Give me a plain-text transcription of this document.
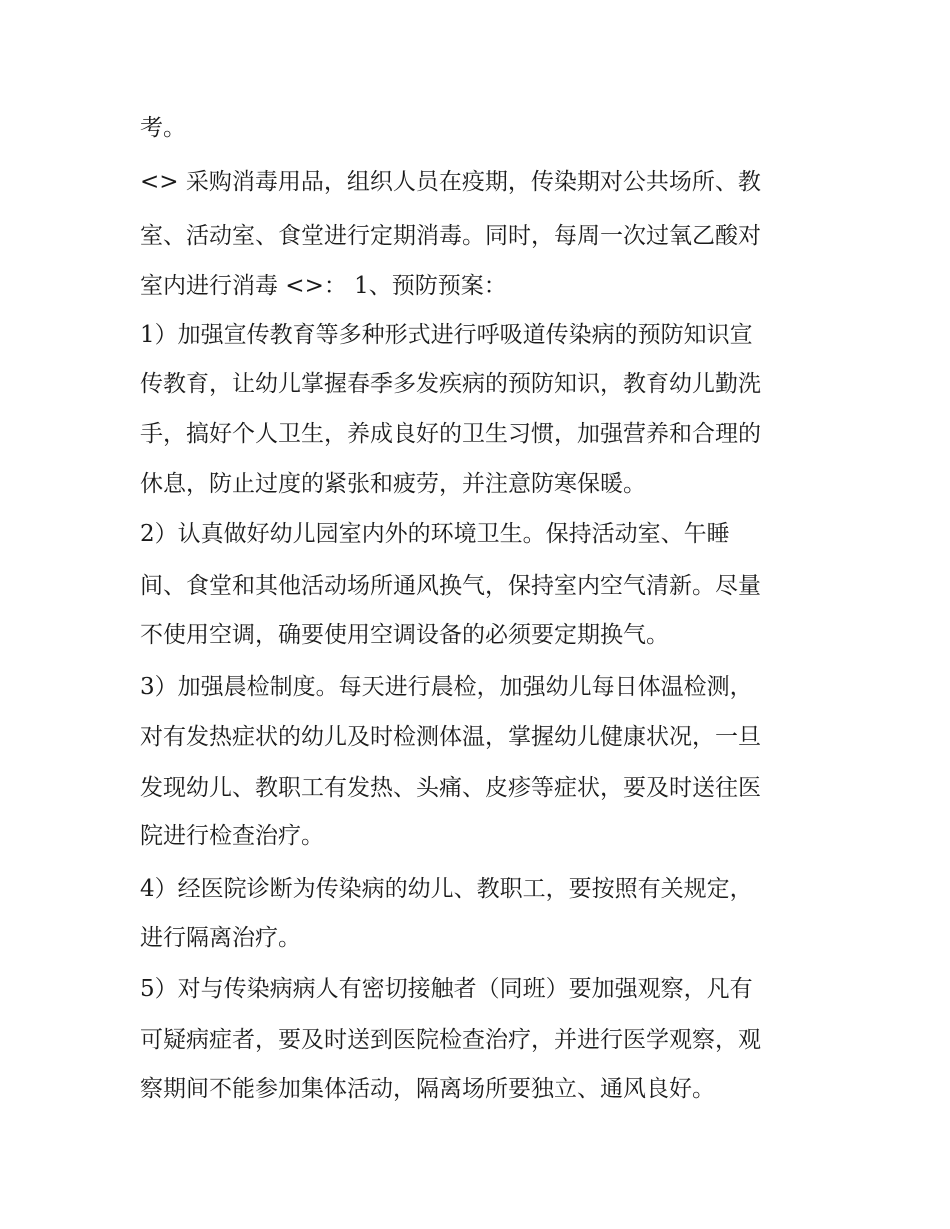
考。
<> 采购消毒用品，组织人员在疫期，传染期对公共场所、教
室、活动室、食堂进行定期消毒。同时，每周一次过氧乙酸对
室内进行消毒 <>： 1、预防预案：
1）加强宣传教育等多种形式进行呼吸道传染病的预防知识宣
传教育，让幼儿掌握春季多发疾病的预防知识，教育幼儿勤洗
手，搞好个人卫生，养成良好的卫生习惯，加强营养和合理的
休息，防止过度的紧张和疲劳，并注意防寒保暖。
2）认真做好幼儿园室内外的环境卫生。保持活动室、午睡
间、食堂和其他活动场所通风换气，保持室内空气清新。尽量
不使用空调，确要使用空调设备的必须要定期换气。
3）加强晨检制度。每天进行晨检，加强幼儿每日体温检测，
对有发热症状的幼儿及时检测体温，掌握幼儿健康状况，一旦
发现幼儿、教职工有发热、头痛、皮疹等症状，要及时送往医
院进行检查治疗。
4）经医院诊断为传染病的幼儿、教职工，要按照有关规定，
进行隔离治疗。
5）对与传染病病人有密切接触者（同班）要加强观察，凡有
可疑病症者，要及时送到医院检查治疗，并进行医学观察，观
察期间不能参加集体活动，隔离场所要独立、通风良好。
